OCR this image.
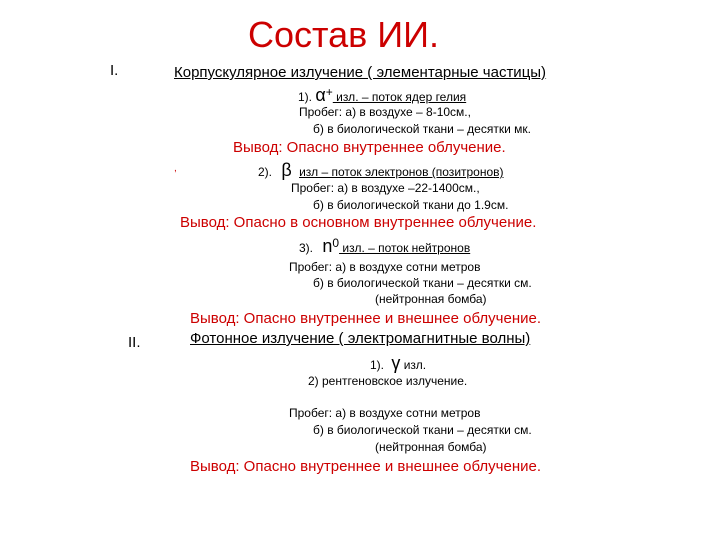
Состав ИИ.
I.	Корпускулярное излучение ( элементарные частицы)
1). α+ изл. – поток ядер гелия
Пробег: а) в воздухе – 8-10см.,
б) в биологической ткани – десятки мк.
Вывод: Опасно внутреннее облучение.
,	2). β изл – поток электронов (позитронов)
Пробег: а) в воздухе –22-1400см.,
б) в биологической ткани до 1.9см.
Вывод: Опасно в основном внутреннее облучение.
3). n0 изл. – поток нейтронов
Пробег: а) в воздухе сотни метров
б) в биологической ткани – десятки см.
(нейтронная бомба)
Вывод: Опасно внутреннее и внешнее облучение.
II.	Фотонное излучение ( электромагнитные волны)
1). γ изл.
2) рентгеновское излучение.
Пробег: а) в воздухе сотни метров
б) в биологической ткани – десятки см.
(нейтронная бомба)
Вывод: Опасно внутреннее и внешнее облучение.
